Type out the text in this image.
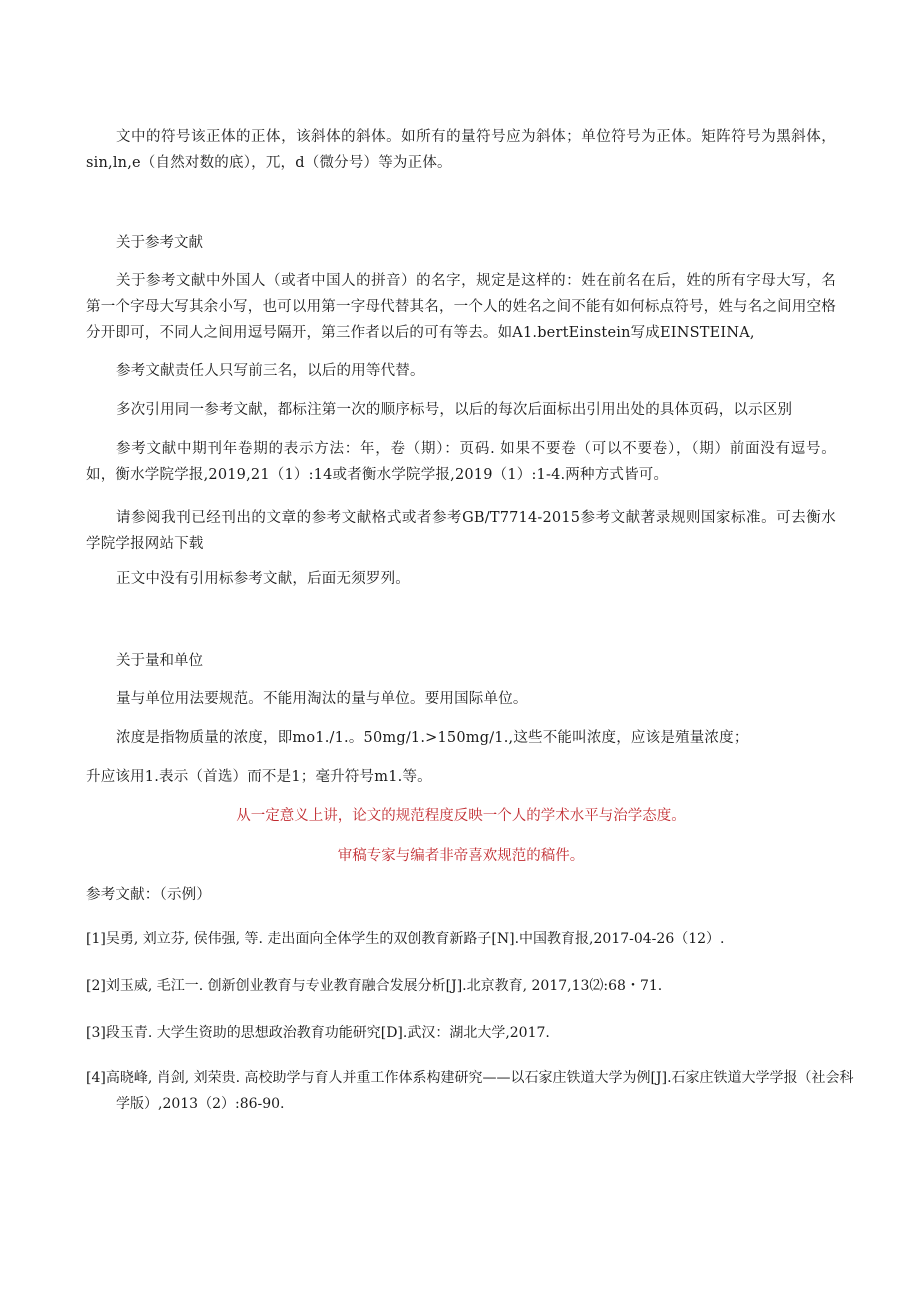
文中的符号该正体的正体，该斜体的斜体。如所有的量符号应为斜体；单位符号为正体。矩阵符号为黑斜体，sin,ln,e（自然对数的底），兀，d（微分号）等为正体。

关于参考文献

关于参考文献中外国人（或者中国人的拼音）的名字，规定是这样的：姓在前名在后，姓的所有字母大写，名第一个字母大写其余小写，也可以用第一字母代替其名，一个人的姓名之间不能有如何标点符号，姓与名之间用空格分开即可，不同人之间用逗号隔开，第三作者以后的可有等去。如A1.bertEinstein写成EINSTEINA,

参考文献责任人只写前三名，以后的用等代替。

多次引用同一参考文献，都标注第一次的顺序标号，以后的每次后面标出引用出处的具体页码，以示区别

参考文献中期刊年卷期的表示方法：年，卷（期）：页码. 如果不要卷（可以不要卷），（期）前面没有逗号。如，衡水学院学报,2019,21（1）:14或者衡水学院学报,2019（1）:1-4.两种方式皆可。

请参阅我刊已经刊出的文章的参考文献格式或者参考GB/T7714-2015参考文献著录规则国家标准。可去衡水学院学报网站下载

正文中没有引用标参考文献，后面无须罗列。

关于量和单位

量与单位用法要规范。不能用淘汰的量与单位。要用国际单位。

浓度是指物质量的浓度，即mo1./1.。50mg∕1.>150mg∕1.,这些不能叫浓度，应该是殖量浓度；

升应该用1.表示（首选）而不是1；毫升符号m1.等。

从一定意义上讲，论文的规范程度反映一个人的学术水平与治学态度。

审稿专家与编者非帝喜欢规范的稿件。

参考文献：（示例）

[1]吴勇, 刘立芬, 侯伟强, 等. 走出面向全体学生的双创教育新路子[N].中国教育报,2017-04-26（12）.

[2]刘玉威, 毛江一. 创新创业教育与专业教育融合发展分析[J].北京教育, 2017,13⑵:68・71.

[3]段玉青. 大学生资助的思想政治教育功能研究[D].武汉：湖北大学,2017.

[4]高晓峰, 肖剑, 刘荣贵. 高校助学与育人并重工作体系构建研究——以石家庄铁道大学为例[J].石家庄铁道大学学报（社会科学版）,2013（2）:86-90.
